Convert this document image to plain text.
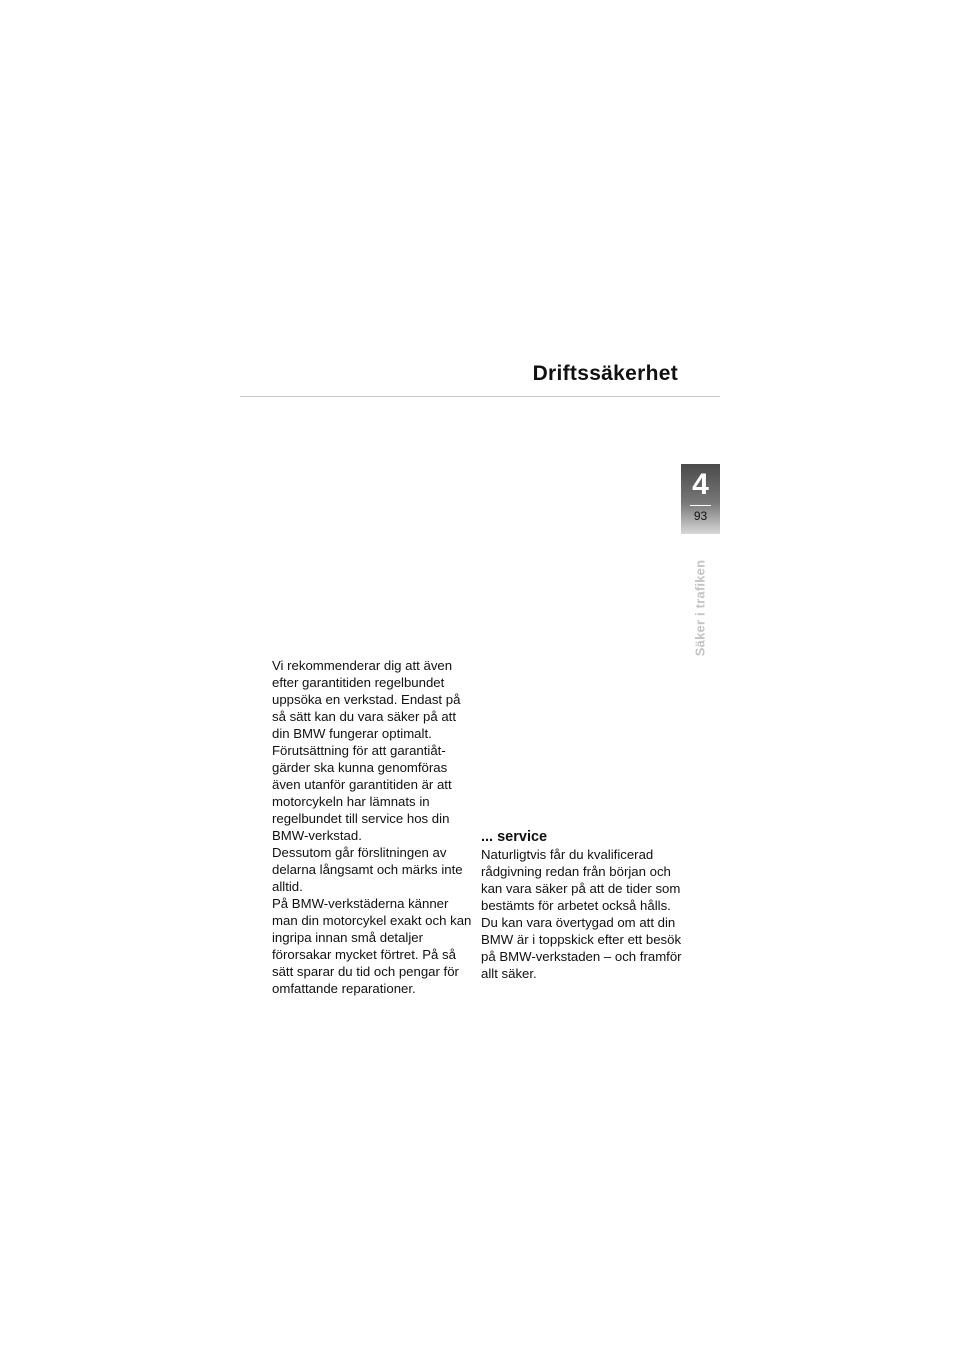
Driftssäkerhet
4
93
Säker i trafiken

Vi rekommenderar dig att även efter garantitiden regelbundet uppsöka en verkstad. Endast på så sätt kan du vara säker på att din BMW fungerar optimalt. Förutsättning för att garantiåtgärder ska kunna genomföras även utanför garantitiden är att motorcykeln har lämnats in regelbundet till service hos din BMW-verkstad.

Dessutom går förslitningen av delarna långsamt och märks inte alltid.

På BMW-verkstäderna känner man din motorcykel exakt och kan ingripa innan små detaljer förorsakar mycket förtret. På så sätt sparar du tid och pengar för omfattande reparationer.

... service

Naturligtvis får du kvalificerad rådgivning redan från början och kan vara säker på att de tider som bestämts för arbetet också hålls. Du kan vara övertygad om att din BMW är i toppskick efter ett besök på BMW-verkstaden – och framför allt säker.
